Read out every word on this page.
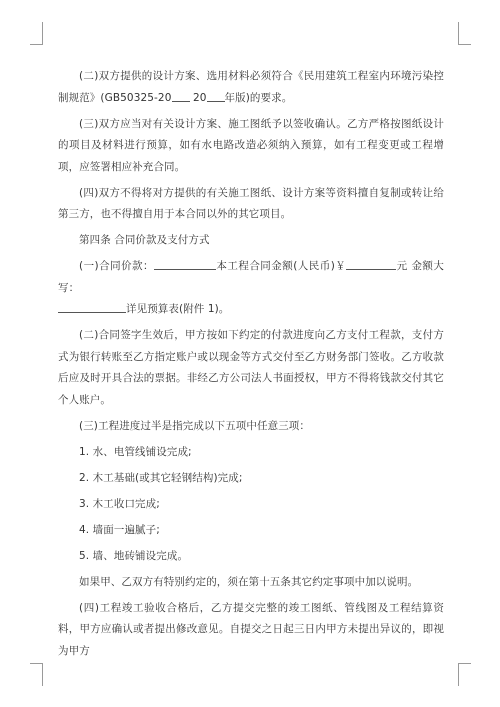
(二)双方提供的设计方案、选用材料必须符合《民用建筑工程室内环境污染控制规范》(GB50325-20 20 年版)的要求。

(三)双方应当对有关设计方案、施工图纸予以签收确认。乙方严格按图纸设计的项目及材料进行预算，如有水电路改造必须纳入预算，如有工程变更或工程增项，应签署相应补充合同。

(四)双方不得将对方提供的有关施工图纸、设计方案等资料擅自复制或转让给第三方，也不得擅自用于本合同以外的其它项目。

第四条 合同价款及支付方式

(一)合同价款：	本工程合同金额(人民币)￥	元 金额大写：
详见预算表(附件 1)。

(二)合同签字生效后，甲方按如下约定的付款进度向乙方支付工程款，支付方式为银行转账至乙方指定账户或以现金等方式交付至乙方财务部门签收。乙方收款后应及时开具合法的票据。非经乙方公司法人书面授权，甲方不得将钱款交付其它个人账户。

(三)工程进度过半是指完成以下五项中任意三项：

1. 水、电管线铺设完成;

2. 木工基础(或其它轻钢结构)完成;

3. 木工收口完成;

4. 墙面一遍腻子;

5. 墙、地砖铺设完成。

如果甲、乙双方有特别约定的，须在第十五条其它约定事项中加以说明。

(四)工程竣工验收合格后，乙方提交完整的竣工图纸、管线图及工程结算资料，甲方应确认或者提出修改意见。自提交之日起三日内甲方未提出异议的，即视为甲方
